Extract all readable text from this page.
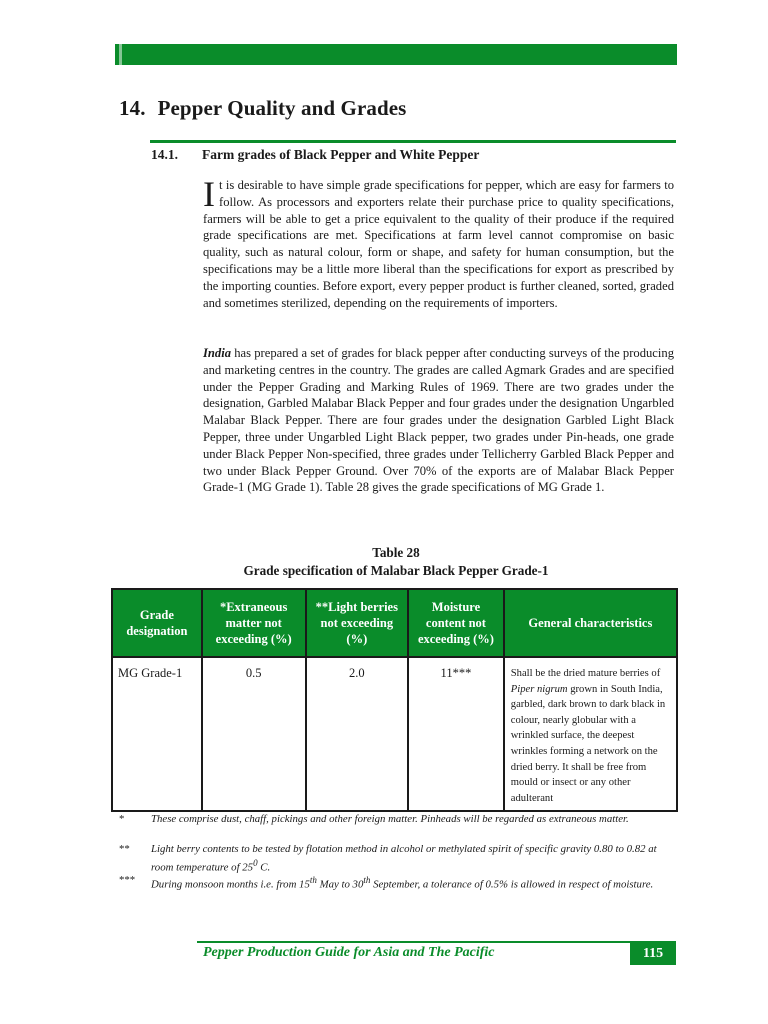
14. Pepper Quality and Grades
14.1. Farm grades of Black Pepper and White Pepper

It is desirable to have simple grade specifications for pepper, which are easy for farmers to follow. As processors and exporters relate their purchase price to quality specifications, farmers will be able to get a price equivalent to the quality of their produce if the required grade specifications are met. Specifications at farm level cannot compromise on basic quality, such as natural colour, form or shape, and safety for human consumption, but the specifications may be a little more liberal than the specifications for export as prescribed by the importing counties. Before export, every pepper product is further cleaned, sorted, graded and sometimes sterilized, depending on the requirements of importers.

India has prepared a set of grades for black pepper after conducting surveys of the producing and marketing centres in the country. The grades are called Agmark Grades and are specified under the Pepper Grading and Marking Rules of 1969. There are two grades under the designation, Garbled Malabar Black Pepper and four grades under the designation Ungarbled Malabar Black Pepper. There are four grades under the designation Garbled Light Black Pepper, three under Ungarbled Light Black pepper, two grades under Pin-heads, one grade under Black Pepper Non-specified, three grades under Tellicherry Garbled Black Pepper and two under Black Pepper Ground. Over 70% of the exports are of Malabar Black Pepper Grade-1 (MG Grade 1). Table 28 gives the grade specifications of MG Grade 1.

Table 28

Grade specification of Malabar Black Pepper Grade-1

Grade designation	*Extraneous matter not exceeding (%)	**Light berries not exceeding (%)	Moisture content not exceeding (%)	General characteristics
MG Grade-1	0.5	2.0	11***	Shall be the dried mature berries of Piper nigrum grown in South India, garbled, dark brown to dark black in colour, nearly globular with a wrinkled surface, the deepest wrinkles forming a network on the dried berry. It shall be free from mould or insect or any other adulterant

* These comprise dust, chaff, pickings and other foreign matter. Pinheads will be regarded as extraneous matter.

** Light berry contents to be tested by flotation method in alcohol or methylated spirit of specific gravity 0.80 to 0.82 at room temperature of $25^0$ C.

*** During monsoon months i.e. from 15th May to 30th September, a tolerance of 0.5% is allowed in respect of moisture.

Pepper Production Guide for Asia and The Pacific	115
